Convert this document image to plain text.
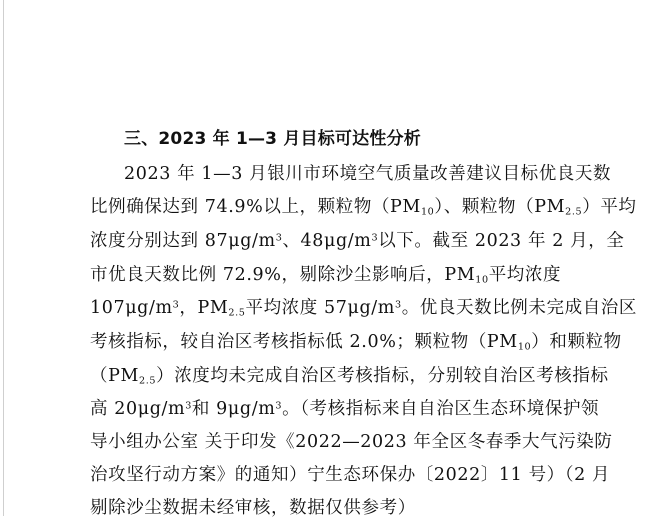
三、2023 年 1—3 月目标可达性分析
2023 年 1—3 月银川市环境空气质量改善建议目标优良天数
比例确保达到 74.9%以上，颗粒物$(PM_{10})$、颗粒物$(PM_{2.5})$平均
浓度分别达到 $87\mu g/m^3$、$48\mu g/m^3$以下。截至 2023 年 2 月，全
市优良天数比例 72.9%，剔除沙尘影响后，$PM_{10}$平均浓度
$107\mu g/m^3$，$PM_{2.5}$平均浓度 $57\mu g/m^3$。优良天数比例未完成自治区
考核指标，较自治区考核指标低 2.0%；颗粒物$(PM_{10})$和颗粒物
$(PM_{2.5})$浓度均未完成自治区考核指标，分别较自治区考核指标
高 $20\mu g/m^3$和 $9\mu g/m^3$。（考核指标来自自治区生态环境保护领
导小组办公室 关于印发《2022—2023 年全区冬春季大气污染防
治攻坚行动方案》的通知）宁生态环保办〔2022〕11 号）（2 月
剔除沙尘数据未经审核，数据仅供参考）
